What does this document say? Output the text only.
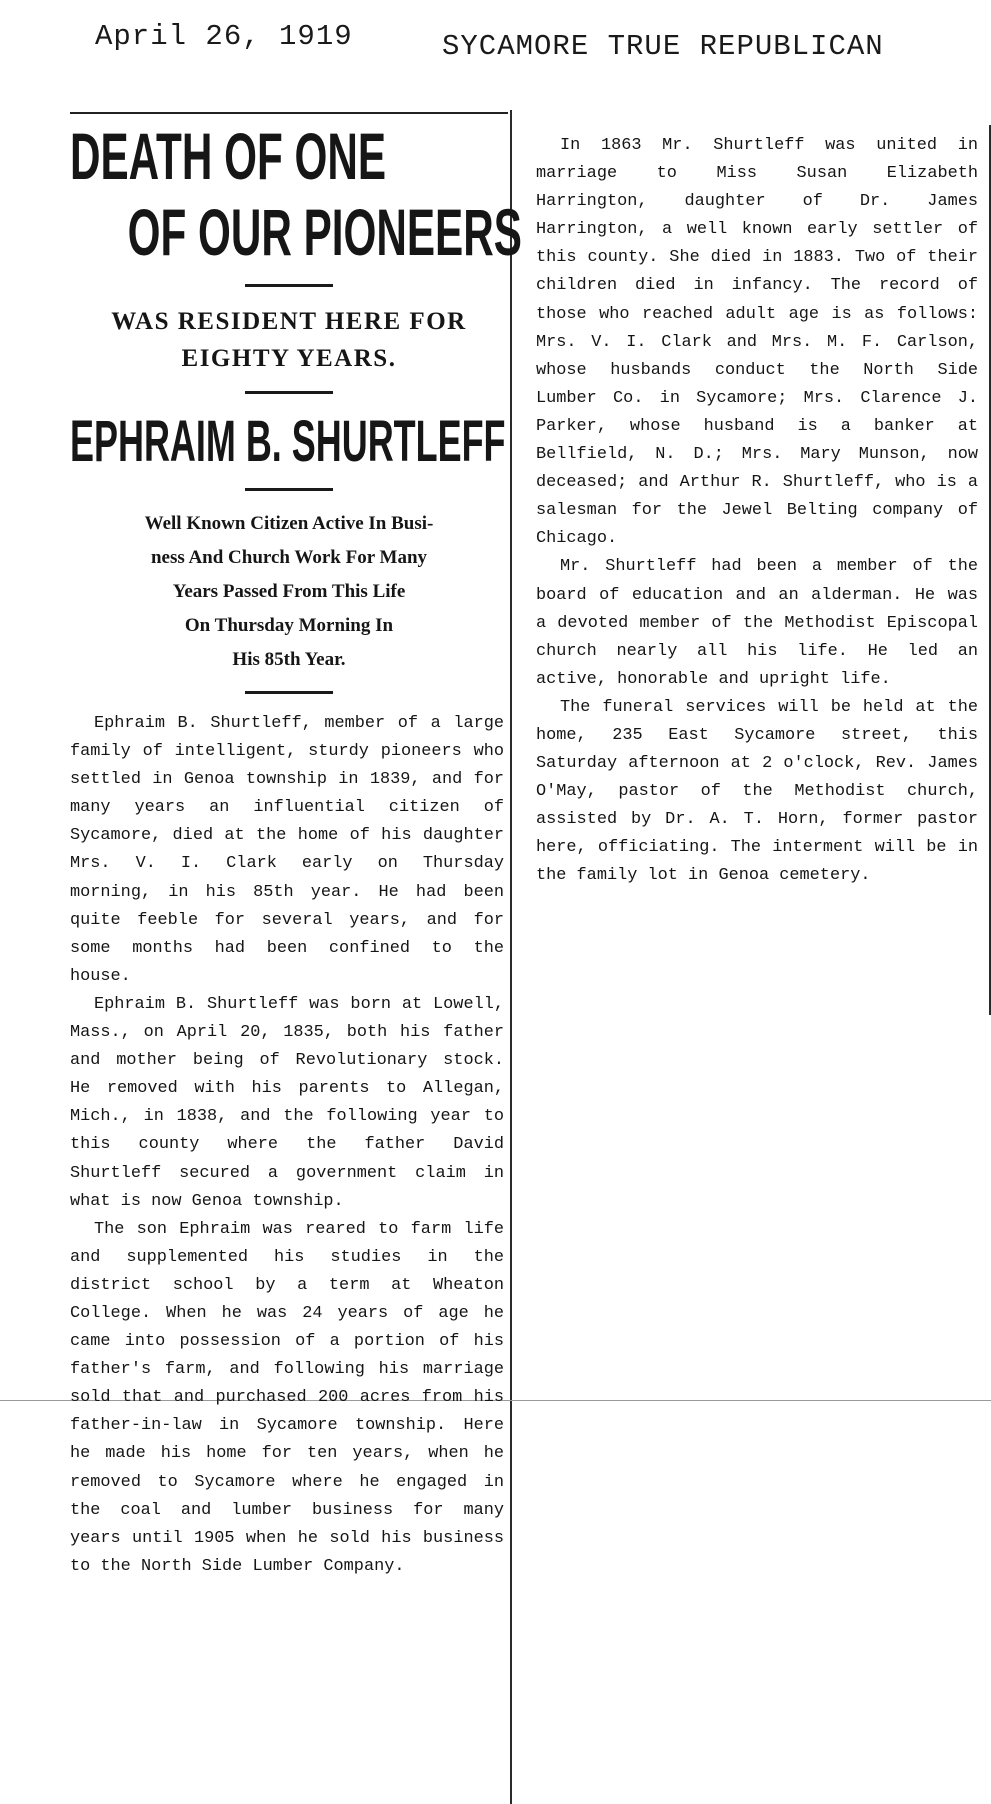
April 26, 1919	SYCAMORE TRUE REPUBLICAN
DEATH OF ONE
OF OUR PIONEERS
WAS RESIDENT HERE FOR EIGHTY YEARS.
EPHRAIM B. SHURTLEFF
Well Known Citizen Active In Busi-
ness And Church Work For Many
Years Passed From This Life
On Thursday Morning In
His 85th Year.

Ephraim B. Shurtleff, member of a large family of intelligent, sturdy pioneers who settled in Genoa township in 1839, and for many years an influential citizen of Sycamore, died at the home of his daughter Mrs. V. I. Clark early on Thursday morning, in his 85th year. He had been quite feeble for several years, and for some months had been confined to the house.

Ephraim B. Shurtleff was born at Lowell, Mass., on April 20, 1835, both his father and mother being of Revolutionary stock. He removed with his parents to Allegan, Mich., in 1838, and the following year to this county where the father David Shurtleff secured a government claim in what is now Genoa township.

The son Ephraim was reared to farm life and supplemented his studies in the district school by a term at Wheaton College. When he was 24 years of age he came into possession of a portion of his father's farm, and following his marriage sold that and purchased 200 acres from his father-in-law in Sycamore township. Here he made his home for ten years, when he removed to Sycamore where he engaged in the coal and lumber business for many years until 1905 when he sold his business to the North Side Lumber Company.

In 1863 Mr. Shurtleff was united in marriage to Miss Susan Elizabeth Harrington, daughter of Dr. James Harrington, a well known early settler of this county. She died in 1883. Two of their children died in infancy. The record of those who reached adult age is as follows: Mrs. V. I. Clark and Mrs. M. F. Carlson, whose husbands conduct the North Side Lumber Co. in Sycamore; Mrs. Clarence J. Parker, whose husband is a banker at Bellfield, N. D.; Mrs. Mary Munson, now deceased; and Arthur R. Shurtleff, who is a salesman for the Jewel Belting company of Chicago.

Mr. Shurtleff had been a member of the board of education and an alderman. He was a devoted member of the Methodist Episcopal church nearly all his life. He led an active, honorable and upright life.

The funeral services will be held at the home, 235 East Sycamore street, this Saturday afternoon at 2 o'clock, Rev. James O'May, pastor of the Methodist church, assisted by Dr. A. T. Horn, former pastor here, officiating. The interment will be in the family lot in Genoa cemetery.
